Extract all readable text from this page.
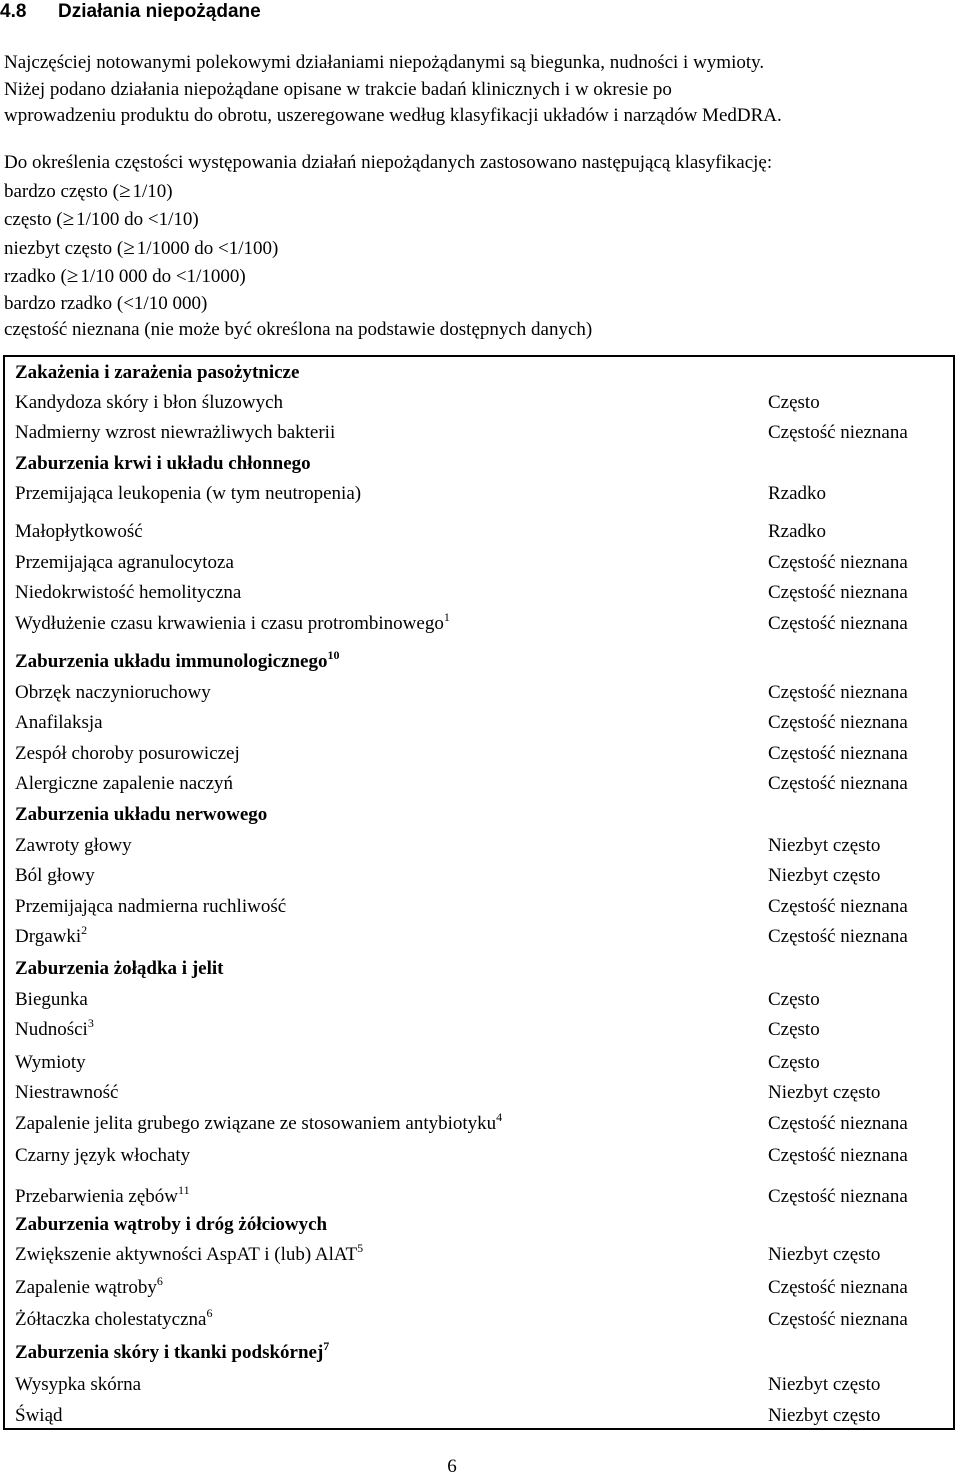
4.8 Działania niepożądane
Najczęściej notowanymi polekowymi działaniami niepożądanymi są biegunka, nudności i wymioty.
Niżej podano działania niepożądane opisane w trakcie badań klinicznych i w okresie po
wprowadzeniu produktu do obrotu, uszeregowane według klasyfikacji układów i narządów MedDRA.
Do określenia częstości występowania działań niepożądanych zastosowano następującą klasyfikację:
bardzo często (≥ 1/10)
często (≥ 1/100 do <1/10)
niezbyt często (≥ 1/1000 do <1/100)
rzadko (≥ 1/10 000 do <1/1000)
bardzo rzadko (<1/10 000)
częstość nieznana (nie może być określona na podstawie dostępnych danych)
Zakażenia i zarażenia pasożytnicze
Kandydoza skóry i błon śluzowych	Często
Nadmierny wzrost niewrażliwych bakterii	Częstość nieznana
Zaburzenia krwi i układu chłonnego
Przemijająca leukopenia (w tym neutropenia)	Rzadko
Małopłytkowość	Rzadko
Przemijająca agranulocytoza	Częstość nieznana
Niedokrwistość hemolityczna	Częstość nieznana
Wydłużenie czasu krwawienia i czasu protrombinowego$^1$	Częstość nieznana
Zaburzenia układu immunologicznego$^{10}$
Obrzęk naczynioruchowy	Częstość nieznana
Anafilaksja	Częstość nieznana
Zespół choroby posurowiczej	Częstość nieznana
Alergiczne zapalenie naczyń	Częstość nieznana
Zaburzenia układu nerwowego
Zawroty głowy	Niezbyt często
Ból głowy	Niezbyt często
Przemijająca nadmierna ruchliwość	Częstość nieznana
Drgawki$^2$	Częstość nieznana
Zaburzenia żołądka i jelit
Biegunka	Często
Nudności$^3$	Często
Wymioty	Często
Niestrawność	Niezbyt często
Zapalenie jelita grubego związane ze stosowaniem antybiotyku$^4$	Częstość nieznana
Czarny język włochaty	Częstość nieznana
Przebarwienia zębów$^{11}$	Częstość nieznana
Zaburzenia wątroby i dróg żółciowych
Zwiększenie aktywności AspAT i (lub) AlAT$^5$	Niezbyt często
Zapalenie wątroby$^6$	Częstość nieznana
Żółtaczka cholestatyczna$^6$	Częstość nieznana
Zaburzenia skóry i tkanki podskórnej$^7$
Wysypka skórna	Niezbyt często
Świąd	Niezbyt często
6
